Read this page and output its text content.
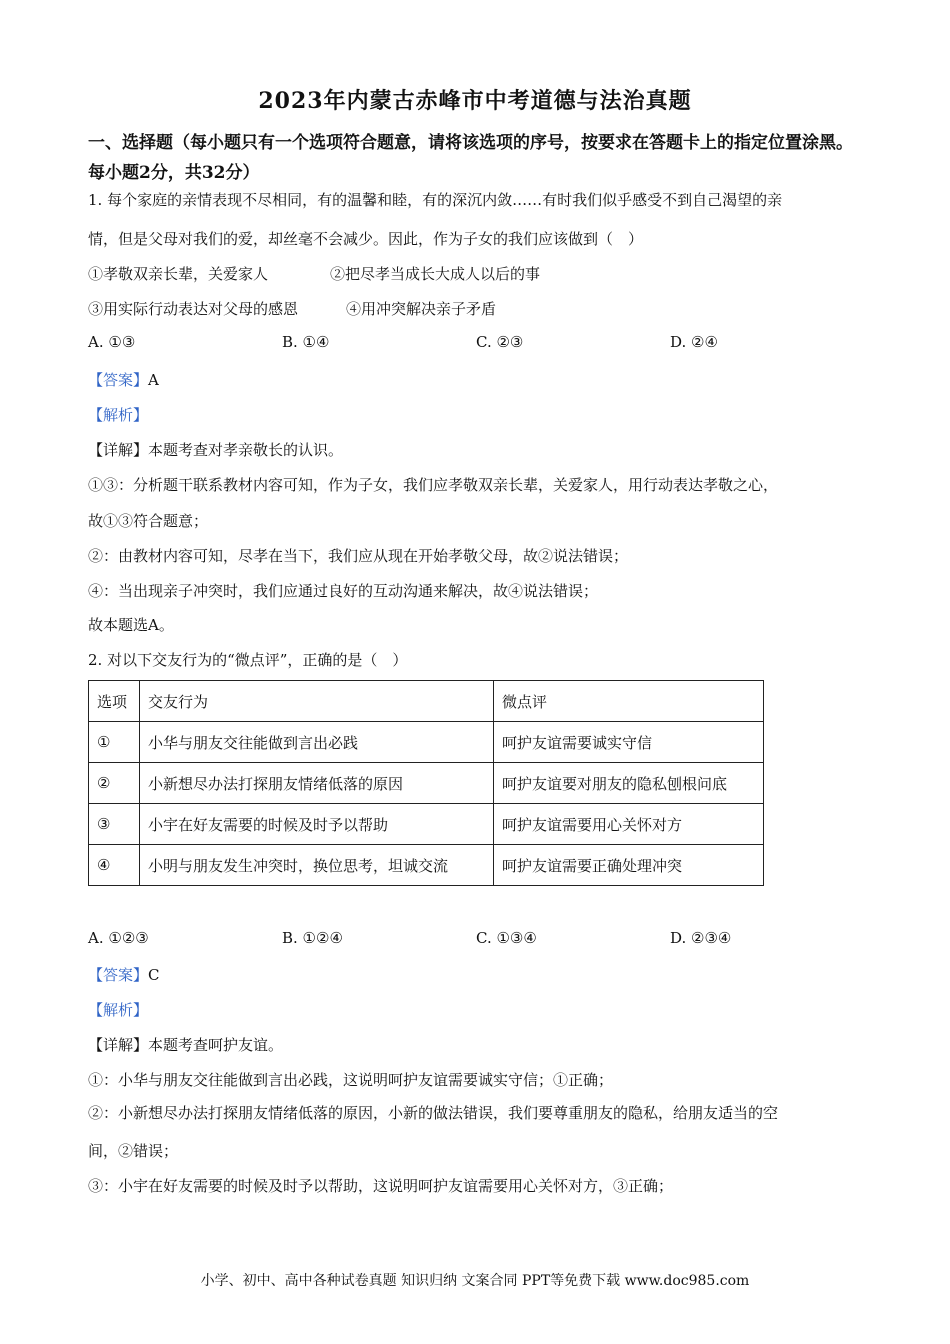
2023年内蒙古赤峰市中考道德与法治真题
一、选择题（每小题只有一个选项符合题意，请将该选项的序号，按要求在答题卡上的指定位置涂黑。每小题2分，共32分）
1. 每个家庭的亲情表现不尽相同，有的温馨和睦，有的深沉内敛……有时我们似乎感受不到自己渴望的亲
情，但是父母对我们的爱，却丝毫不会减少。因此，作为子女的我们应该做到（　）
①孝敬双亲长辈，关爱家人	②把尽孝当成长大成人以后的事
③用实际行动表达对父母的感恩	④用冲突解决亲子矛盾
A. ①③	B. ①④	C. ②③	D. ②④
【答案】A
【解析】
【详解】本题考查对孝亲敬长的认识。
①③：分析题干联系教材内容可知，作为子女，我们应孝敬双亲长辈，关爱家人，用行动表达孝敬之心，
故①③符合题意；
②：由教材内容可知，尽孝在当下，我们应从现在开始孝敬父母，故②说法错误；
④：当出现亲子冲突时，我们应通过良好的互动沟通来解决，故④说法错误；
故本题选A。
2. 对以下交友行为的“微点评”，正确的是（　）
选项	交友行为	微点评
①	小华与朋友交往能做到言出必践	呵护友谊需要诚实守信
②	小新想尽办法打探朋友情绪低落的原因	呵护友谊要对朋友的隐私刨根问底
③	小宇在好友需要的时候及时予以帮助	呵护友谊需要用心关怀对方
④	小明与朋友发生冲突时，换位思考，坦诚交流	呵护友谊需要正确处理冲突
A. ①②③	B. ①②④	C. ①③④	D. ②③④
【答案】C
【解析】
【详解】本题考查呵护友谊。
①：小华与朋友交往能做到言出必践，这说明呵护友谊需要诚实守信；①正确；
②：小新想尽办法打探朋友情绪低落的原因，小新的做法错误，我们要尊重朋友的隐私，给朋友适当的空
间，②错误；
③：小宇在好友需要的时候及时予以帮助，这说明呵护友谊需要用心关怀对方，③正确；
小学、初中、高中各种试卷真题 知识归纳 文案合同 PPT等免费下载 www.doc985.com
